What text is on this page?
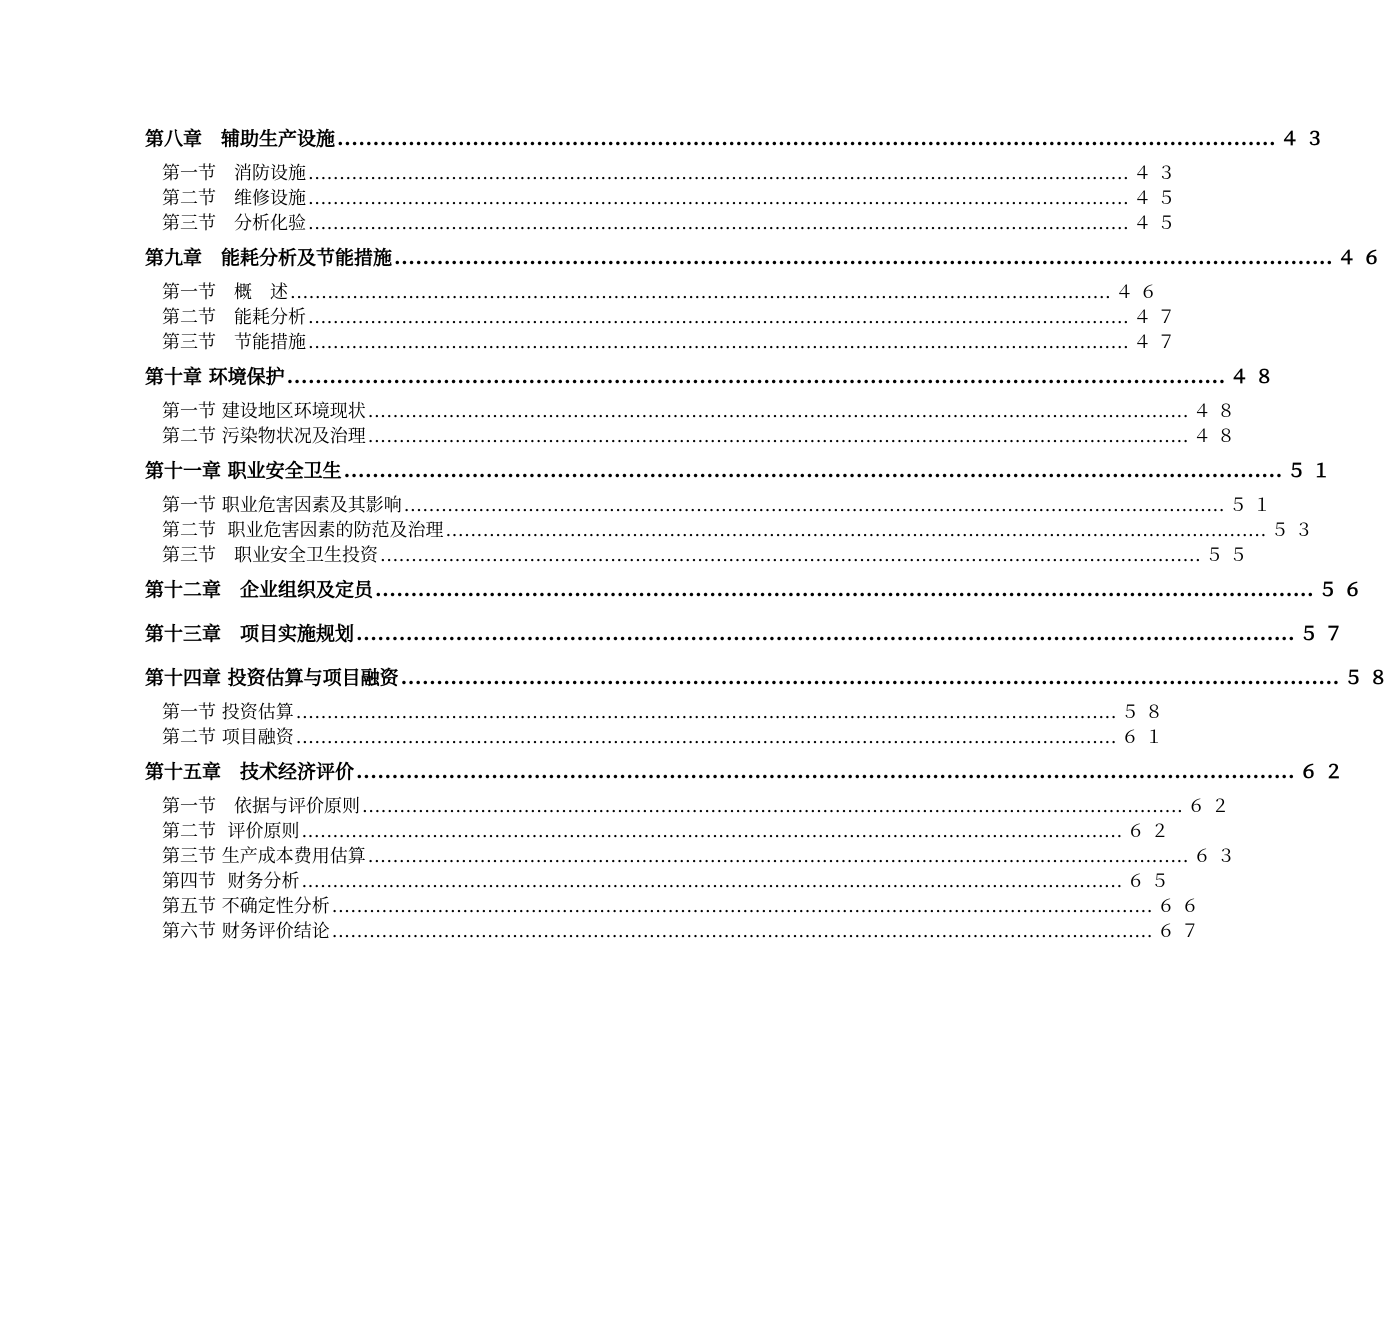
第八章　辅助生产设施 .................................................................................................................................... ４３
第一节　消防设施 .................................................................................................................................... ４３
第二节　维修设施 .................................................................................................................................... ４５
第三节　分析化验 .................................................................................................................................... ４５
第九章　能耗分析及节能措施 .................................................................................................................................... ４６
第一节　概　述 .................................................................................................................................... ４６
第二节　能耗分析 .................................................................................................................................... ４７
第三节　节能措施 .................................................................................................................................... ４７
第十章 环境保护 .................................................................................................................................... ４８
第一节 建设地区环境现状 .................................................................................................................................... ４８
第二节 污染物状况及治理 .................................................................................................................................... ４８
第十一章 职业安全卫生 .................................................................................................................................... ５１
第一节 职业危害因素及其影响 .................................................................................................................................... ５１
第二节  职业危害因素的防范及治理 .................................................................................................................................... ５３
第三节　职业安全卫生投资 .................................................................................................................................... ５５
第十二章　企业组织及定员 .................................................................................................................................... ５６
第十三章　项目实施规划 .................................................................................................................................... ５７
第十四章 投资估算与项目融资 .................................................................................................................................... ５８
第一节 投资估算 .................................................................................................................................... ５８
第二节 项目融资 .................................................................................................................................... ６１
第十五章　技术经济评价 .................................................................................................................................... ６２
第一节　依据与评价原则 .................................................................................................................................... ６２
第二节  评价原则 .................................................................................................................................... ６２
第三节 生产成本费用估算 .................................................................................................................................... ６３
第四节  财务分析 .................................................................................................................................... ６５
第五节 不确定性分析 .................................................................................................................................... ６６
第六节 财务评价结论 .................................................................................................................................... ６７
